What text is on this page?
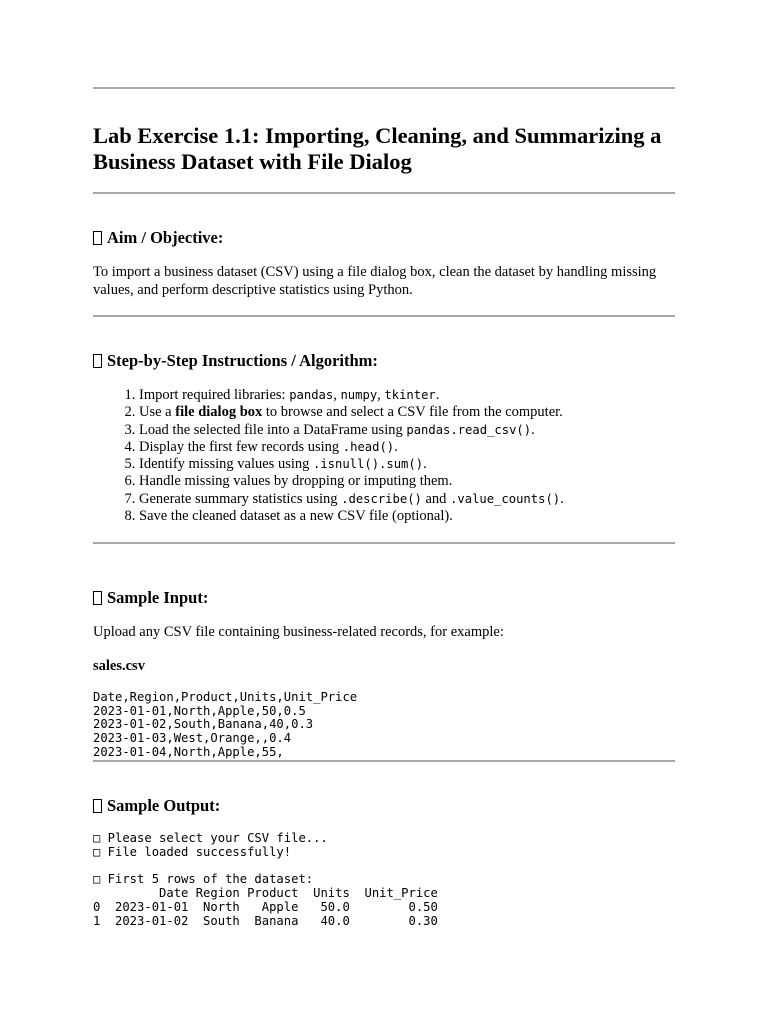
Lab Exercise 1.1: Importing, Cleaning, and Summarizing a Business Dataset with File Dialog
Aim / Objective:

To import a business dataset (CSV) using a file dialog box, clean the dataset by handling missing values, and perform descriptive statistics using Python.

Step-by-Step Instructions / Algorithm:
1. Import required libraries: pandas, numpy, tkinter.
2. Use a file dialog box to browse and select a CSV file from the computer.
3. Load the selected file into a DataFrame using pandas.read_csv().
4. Display the first few records using .head().
5. Identify missing values using .isnull().sum().
6. Handle missing values by dropping or imputing them.
7. Generate summary statistics using .describe() and .value_counts().
8. Save the cleaned dataset as a new CSV file (optional).
Sample Input:

Upload any CSV file containing business-related records, for example:

sales.csv
Date,Region,Product,Units,Unit_Price
2023-01-01,North,Apple,50,0.5
2023-01-02,South,Banana,40,0.3
2023-01-03,West,Orange,,0.4
2023-01-04,North,Apple,55,
Sample Output:
□ Please select your CSV file...
□ File loaded successfully!

□ First 5 rows of the dataset:
Date Region Product  Units  Unit_Price
0  2023-01-01  North   Apple   50.0        0.50
1  2023-01-02  South  Banana   40.0        0.30
